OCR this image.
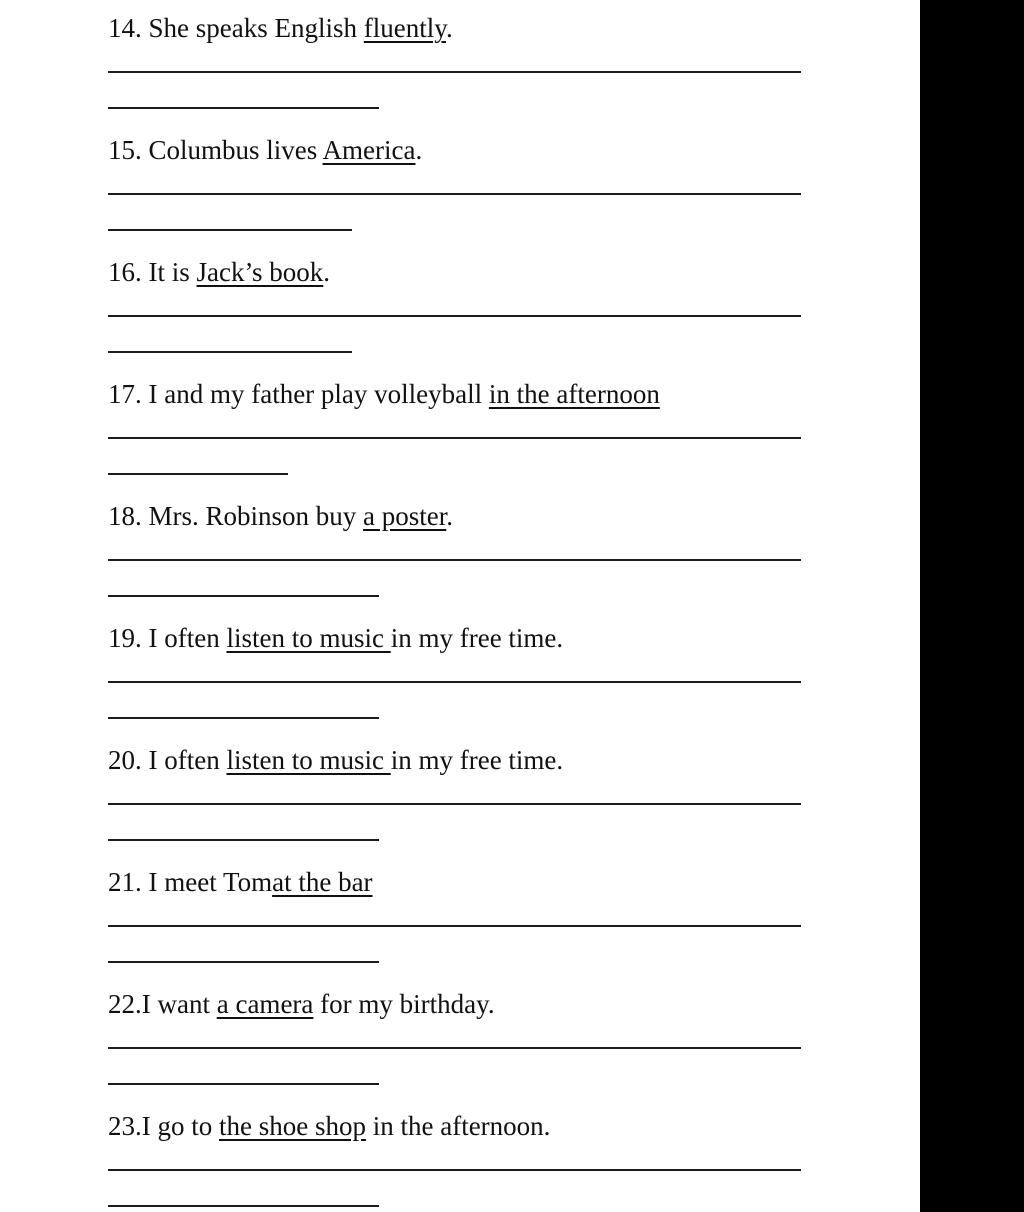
14. She speaks English fluently.

15. Columbus lives America.

16. It is Jack’s book.

17. I and my father play volleyball in the afternoon

18. Mrs. Robinson buy a poster.

19. I often listen to music in my free time.

20. I often listen to music in my free time.

21. I meet Tomat the bar

22.I want a camera for my birthday.

23.I go to the shoe shop in the afternoon.
